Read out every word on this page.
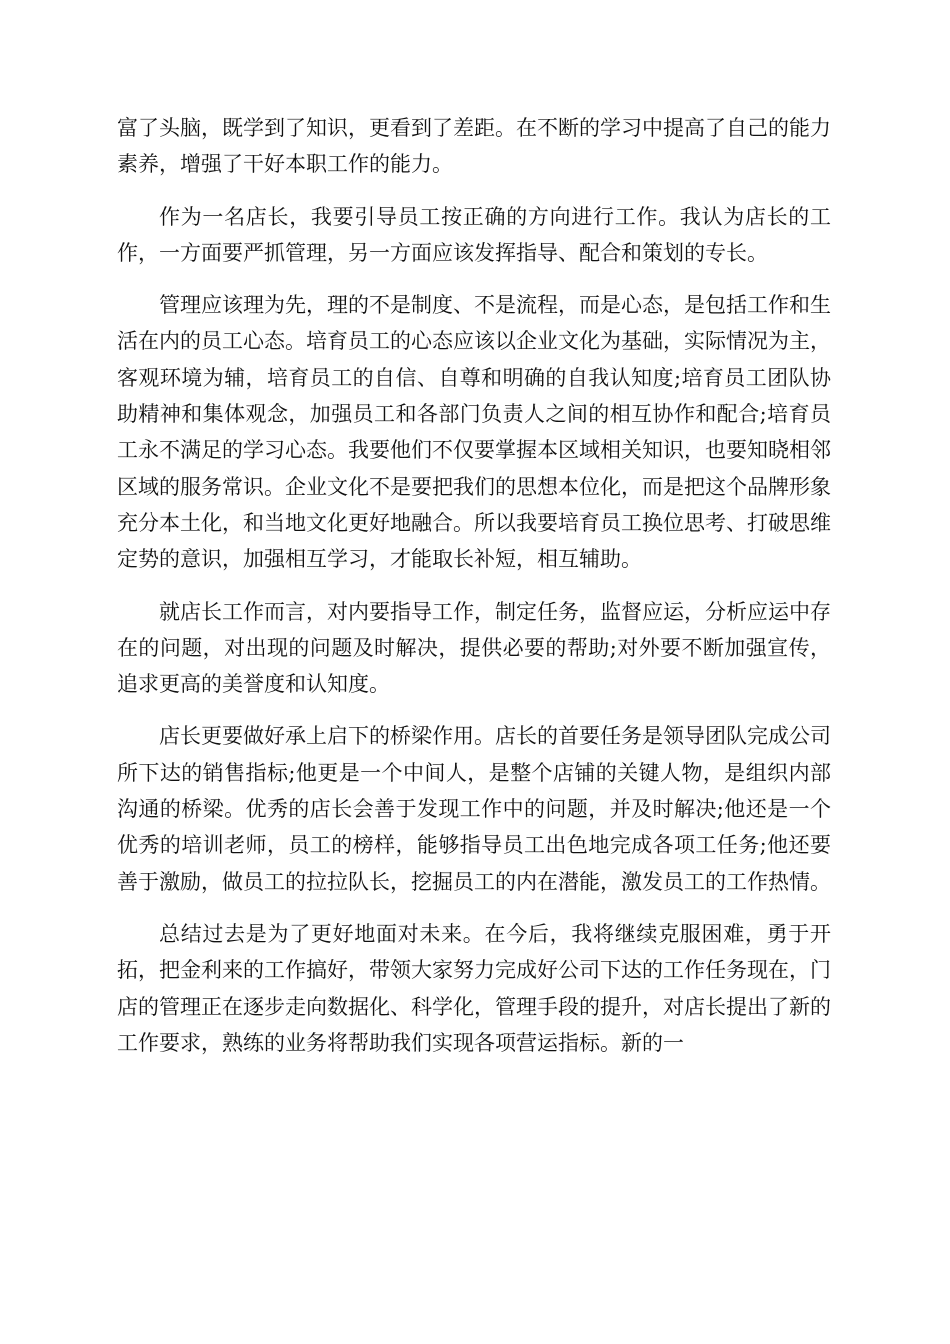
富了头脑，既学到了知识，更看到了差距。在不断的学习中提高了自己的能力素养，增强了干好本职工作的能力。

作为一名店长，我要引导员工按正确的方向进行工作。我认为店长的工作，一方面要严抓管理，另一方面应该发挥指导、配合和策划的专长。

管理应该理为先，理的不是制度、不是流程，而是心态，是包括工作和生活在内的员工心态。培育员工的心态应该以企业文化为基础，实际情况为主，客观环境为辅，培育员工的自信、自尊和明确的自我认知度;培育员工团队协助精神和集体观念，加强员工和各部门负责人之间的相互协作和配合;培育员工永不满足的学习心态。我要他们不仅要掌握本区域相关知识，也要知晓相邻区域的服务常识。企业文化不是要把我们的思想本位化，而是把这个品牌形象充分本土化，和当地文化更好地融合。所以我要培育员工换位思考、打破思维定势的意识，加强相互学习，才能取长补短，相互辅助。

就店长工作而言，对内要指导工作，制定任务，监督应运，分析应运中存在的问题，对出现的问题及时解决，提供必要的帮助;对外要不断加强宣传，追求更高的美誉度和认知度。

店长更要做好承上启下的桥梁作用。店长的首要任务是领导团队完成公司所下达的销售指标;他更是一个中间人，是整个店铺的关键人物，是组织内部沟通的桥梁。优秀的店长会善于发现工作中的问题，并及时解决;他还是一个优秀的培训老师，员工的榜样，能够指导员工出色地完成各项工任务;他还要善于激励，做员工的拉拉队长，挖掘员工的内在潜能，激发员工的工作热情。

总结过去是为了更好地面对未来。在今后，我将继续克服困难，勇于开拓，把金利来的工作搞好，带领大家努力完成好公司下达的工作任务现在，门店的管理正在逐步走向数据化、科学化，管理手段的提升，对店长提出了新的工作要求，熟练的业务将帮助我们实现各项营运指标。新的一
